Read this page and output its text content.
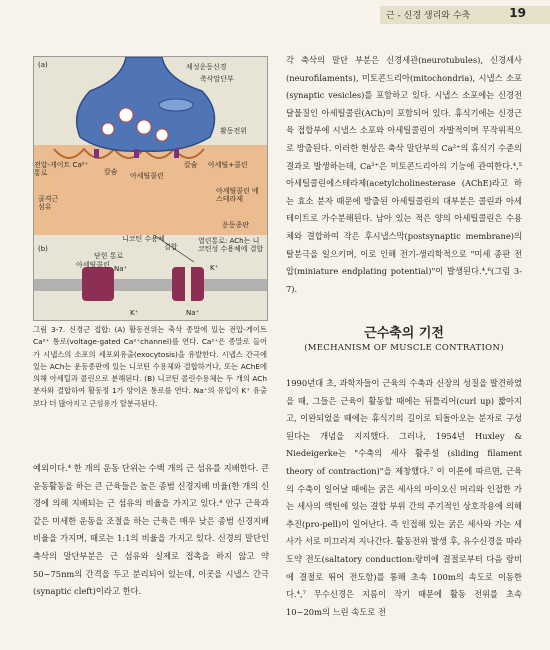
근 - 신경 생리와 수축	19
(a)	체성운동신경
축삭말단부
활동전위
전압-게이트 Ca²⁺ 통로	칼슘
칼슘 아세틸+콜린
아세틸콜린
골격근 섬유
아세틸콜린 에스테라제
운동종판
니코틴 수용체
결합
열린통로: ACh는 니코틴성 수용체에 결합
(b)
닫힌 통로
아세틸콜린 Na⁺	K⁺
K⁺	Na⁺

그림 3-7. 신경근 접합: (A) 활동전위는 축삭 종말에 있는 전압-게이트 Ca²⁺ 통로(voltage-gated Ca²⁺channel)를 연다. Ca²⁺은 종말로 들어가 시냅스의 소포의 세포외유출(exocytosis)을 유발한다. 시냅스 간극에 있는 ACh는 운동종판에 있는 니코틴 수용체와 결합하거나, 또는 AChE에 의해 아세틸과 콜린으로 분해된다. (B) 니코틴 콜린수용체는 두 개의 ACh 분자와 결합하여 활동정 1가 양이온 통로를 연다. Na⁺의 유입이 K⁺ 유출보다 더 많아지고 근섬유가 탈분극된다.

예외이다.⁴ 한 개의 운동 단위는 수백 개의 근 섬유를 지배한다. 큰 운동활동을 하는 큰 근육들은 높은 종범 신경지배 비율(한 개의 신경에 의해 지배되는 근 섬유의 비율을 가지고 있다.⁴ 안구 근육과 같은 미세한 운동을 조절을 하는 근육은 매우 낮은 종범 신경지배 비율을 가지며, 때로는 1:1의 비율을 가지고 있다. 신경의 말단인 축삭의 말단부분은 근 섬유와 실제로 접촉을 하지 않고 약 50~75nm의 간격을 두고 분리되어 있는데, 이곳을 시냅스 간극(synaptic cleft)이라고 한다.

각 축삭의 말단 부분은 신경세관(neurotubules), 신경세사(neurofilaments), 미토콘드리아(mitochondria), 시냅스 소포(synaptic vesicles)를 포함하고 있다. 시냅스 소포에는 신경전달물질인 아세틸콜린(ACh)이 포함되어 있다. 휴식기에는 신경근육 접합부에 시냅스 소포와 아세틸콜린이 자발적이며 무작위적으로 방출된다. 이러한 현상은 축삭 말단부의 Ca²⁺의 휴식기 수준의 결과로 발생하는데, Ca²⁺은 미토콘드리아의 기능에 관여한다.⁴,⁵ 아세틸콜린에스테라제(acetylcholinesterase (AChE)라고 하는 효소 분자 때문에 방출된 아세틸콜린의 대부분은 콜린과 아세테이트로 가수분해된다. 남아 있는 적은 양의 아세틸콜린은 수용체와 결합하여 작은 후시냅스막(postsynaptic membrane)의 탈분극을 일으키며, 이로 인해 전기-생리학적으로 "미세 종판 전압(miniature endplating potential)"이 발생된다.⁴,⁶(그림 3-7).

근수축의 기전
(MECHANISM OF MUSCLE CONTRATION)

1990년대 초, 과학자들이 근육의 수축과 신장의 성질을 발견하였을 때, 그들은 근육이 활동할 때에는 뒤틀리어(curl up) 짧아지고, 이완되었을 때에는 휴식기의 길이로 되돌아오는 분자로 구성된다는 개념을 지지했다. 그러나, 1954년 Huxley & Niedeigerke는 "수축의 세사 활주설 (sliding filament theory of contraction)"을 제창했다.⁷ 이 이론에 따르면, 근육의 수축이 일어날 때에는 굵은 세사의 마이오신 머리와 인접한 가는 세사의 액틴에 있는 결합 부위 간의 주기적인 상호작용에 의해 추진(pro-pell)이 일어난다. 즉 인접해 있는 굵은 세사와 가는 세사가 서로 미끄러져 지나간다. 활동전위 발생 후, 유수신경을 따라 도약 전도(saltatory conduction:랑비에 결절로부터 다음 랑비에 결절로 뛰어 전도함)를 통해 초속 100m의 속도로 이동한다.⁴,⁷ 무수신경은 지름이 작기 때문에 활동 전위를 초속 10~20m의 느린 속도로 전
